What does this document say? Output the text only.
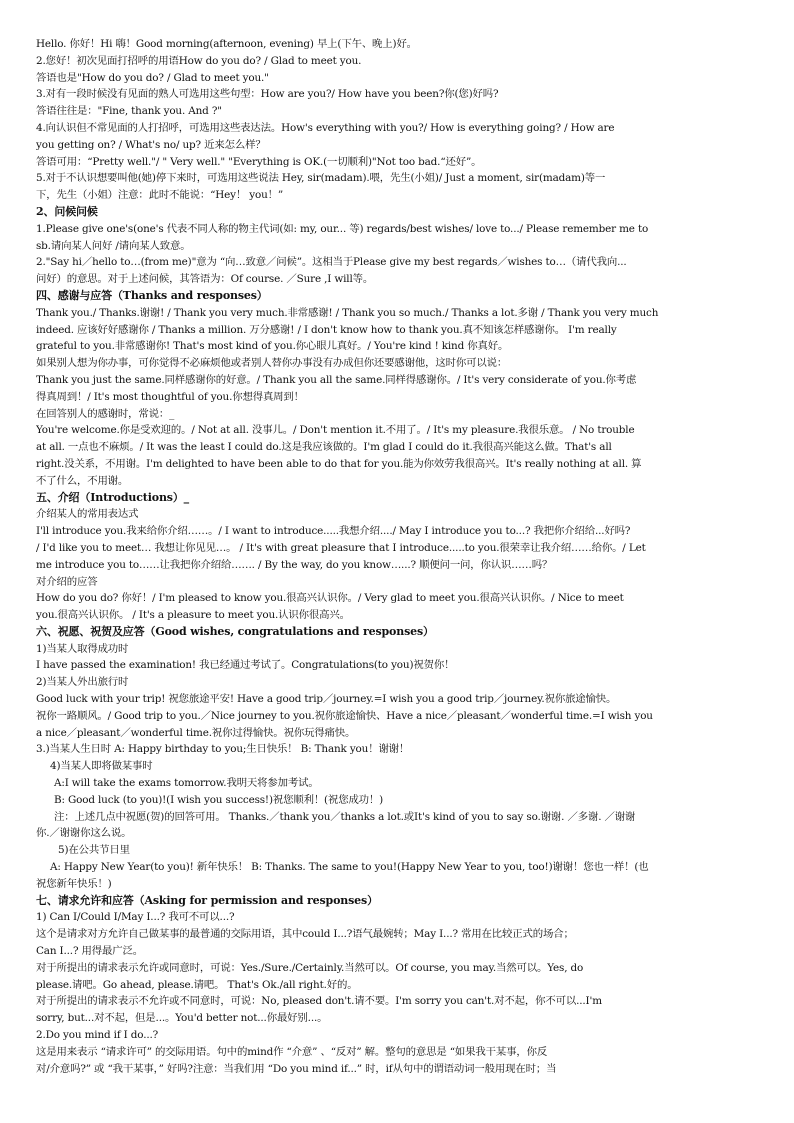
Hello. 你好！Hi 嗨！Good morning(afternoon, evening) 早上(下午、晚上)好。
2.您好！初次见面打招呼的用语How do you do? / Glad to meet you.
答语也是"How do you do? / Glad to meet you."
3.对有一段时候没有见面的熟人可选用这些句型：How are you?/ How have you been?你(您)好吗?
答语往往是："Fine, thank you. And ?"
4.向认识但不常见面的人打招呼，可选用这些表达法。How's everything with you?/ How is everything going? / How are
you getting on? / What's no/ up? 近来怎么样？
答语可用：“Pretty well."/ " Very well." "Everything is OK.(一切顺利)"Not too bad.“还好”。
5.对于不认识想要叫他(她)停下来时，可选用这些说法 Hey, sir(madam).喂，先生(小姐)/ Just a moment, sir(madam)等一
下，先生（小姐）注意：此时不能说：“Hey！ you！”
2、问候问候
1.Please give one's(one's 代表不同人称的物主代词(如: my, our... 等) regards/best wishes/ love to.../ Please remember me to
sb.请向某人问好 /请向某人致意。
2."Say hi／hello to…(from me)"意为 “向…致意／问候”。这相当于Please give my best regards／wishes to…（请代我向...
问好）的意思。对于上述问候，其答语为：Of course. ／Sure ,I will等。
四、感谢与应答（Thanks and responses）
Thank you./ Thanks.谢谢! / Thank you very much.非常感谢! / Thank you so much./ Thanks a lot.多谢 / Thank you very much
indeed. 应该好好感谢你 / Thanks a million. 万分感谢! / I don't know how to thank you.真不知该怎样感谢你。 I'm really
grateful to you.非常感谢你! That's most kind of you.你心眼儿真好。/ You're kind ! kind 你真好。
如果别人想为你办事，可你觉得不必麻烦他或者别人替你办事没有办成但你还要感谢他，这时你可以说：
Thank you just the same.同样感谢你的好意。/ Thank you all the same.同样得感谢你。/ It's very considerate of you.你考虑
得真周到！/ It's most thoughtful of you.你想得真周到！
在回答别人的感谢时，常说：_
You're welcome.你是受欢迎的。/ Not at all. 没事儿。/ Don't mention it.不用了。/ It's my pleasure.我很乐意。 / No trouble
at all. 一点也不麻烦。/ It was the least I could do.这是我应该做的。I'm glad I could do it.我很高兴能这么做。That's all
right.没关系，不用谢。I'm delighted to have been able to do that for you.能为你效劳我很高兴。It's really nothing at all. 算
不了什么，不用谢。
五、介绍（Introductions）_
介绍某人的常用表达式
I'll introduce you.我来给你介绍……。/ I want to introduce.....我想介绍..../ May I introduce you to...? 我把你介绍给...好吗?
/ I'd like you to meet… 我想让你见见…。 / It's with great pleasure that I introduce.....to you.很荣幸让我介绍……给你。/ Let
me introduce you to……让我把你介绍给……. / By the way, do you know…...? 顺便问一问，你认识……吗？
对介绍的应答
How do you do? 你好！/ I'm pleased to know you.很高兴认识你。/ Very glad to meet you.很高兴认识你。/ Nice to meet
you.很高兴认识你。 / It's a pleasure to meet you.认识你很高兴。
六、祝愿、祝贺及应答（Good wishes, congratulations and responses）
1)当某人取得成功时
I have passed the examination! 我已经通过考试了。Congratulations(to you)祝贺你！
2)当某人外出旅行时
Good luck with your trip! 祝您旅途平安! Have a good trip／journey.=I wish you a good trip／journey.祝你旅途愉快。
祝你一路顺风。/ Good trip to you.／Nice journey to you.祝你旅途愉快、Have a nice／pleasant／wonderful time.=I wish you
a nice／pleasant／wonderful time.祝你过得愉快。祝你玩得痛快。
3.)当某人生日时 A: Happy birthday to you;生日快乐！ B: Thank you！谢谢！
4)当某人即将做某事时
A:I will take the exams tomorrow.我明天将参加考试。
B: Good luck (to you)!(I wish you success!)祝您顺利！(祝您成功！)
注：上述几点中祝愿(贺)的回答可用。 Thanks.／thank you／thanks a lot.或It's kind of you to say so.谢谢. ／多谢. ／谢谢
你.／谢谢你这么说。
5)在公共节日里
A: Happy New Year(to you)! 新年快乐！ B: Thanks. The same to you!(Happy New Year to you, too!)谢谢！您也一样！(也
祝您新年快乐！)
七、请求允许和应答（Asking for permission and responses）
1) Can I/Could I/May I...? 我可不可以...?
这个是请求对方允许自己做某事的最普通的交际用语，其中could I...?语气最婉转；May I...? 常用在比较正式的场合；
Can I...? 用得最广泛。
对于所提出的请求表示允许或同意时，可说：Yes./Sure./Certainly.当然可以。Of course, you may.当然可以。Yes, do
please.请吧。Go ahead, please.请吧。 That's Ok./all right.好的。
对于所提出的请求表示不允许或不同意时，可说：No, pleased don't.请不要。I'm sorry you can't.对不起，你不可以...I'm
sorry, but...对不起，但是...。You'd better not...你最好别...。
2.Do you mind if I do...?
这是用来表示 “请求许可” 的交际用语。句中的mind作 “介意” 、“反对” 解。整句的意思是 “如果我干某事，你反
对/介意吗?” 或 “我干某事，” 好吗?注意：当我们用 “Do you mind if...” 时，if从句中的谓语动词一般用现在时；当
